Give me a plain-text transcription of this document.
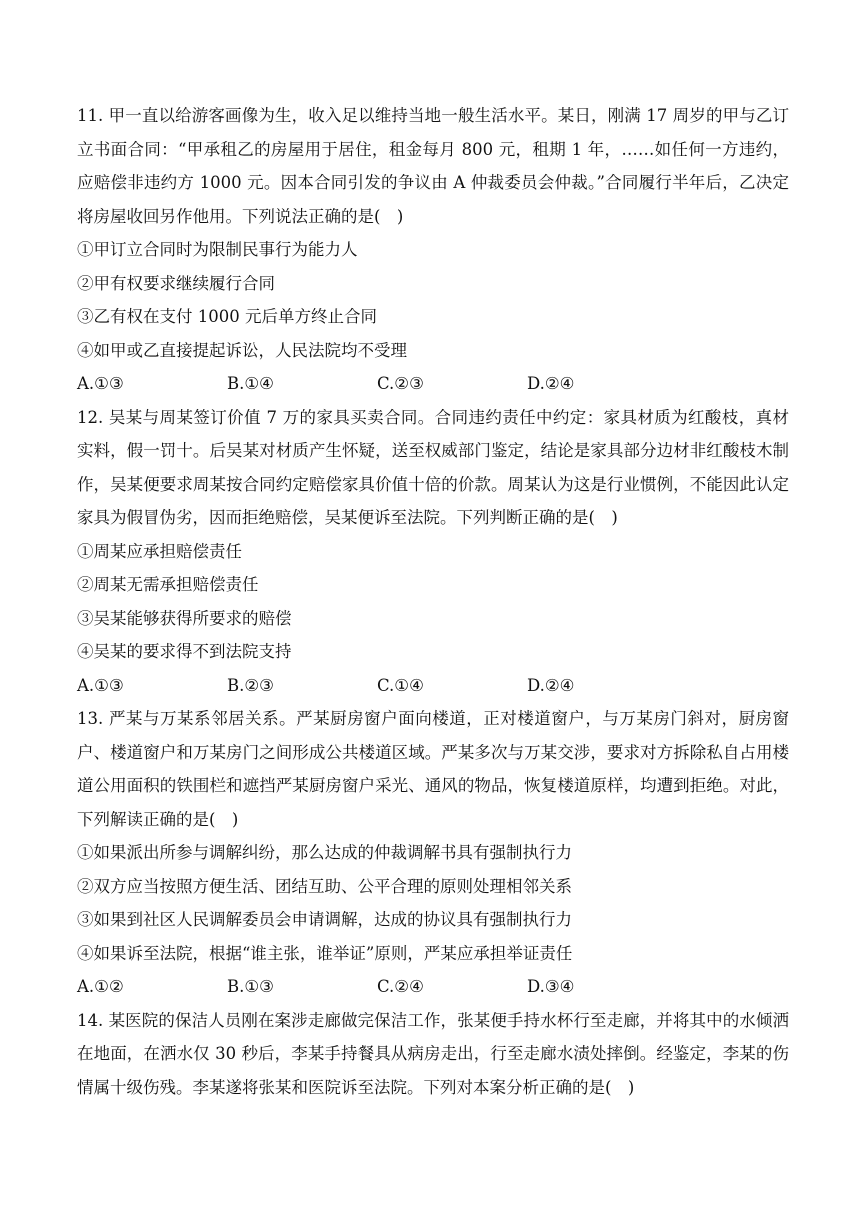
11. 甲一直以给游客画像为生，收入足以维持当地一般生活水平。某日，刚满 17 周岁的甲与乙订立书面合同：“甲承租乙的房屋用于居住，租金每月 800 元，租期 1 年，……如任何一方违约，应赔偿非违约方 1000 元。因本合同引发的争议由 A 仲裁委员会仲裁。”合同履行半年后，乙决定将房屋收回另作他用。下列说法正确的是(　)

①甲订立合同时为限制民事行为能力人

②甲有权要求继续履行合同

③乙有权在支付 1000 元后单方终止合同

④如甲或乙直接提起诉讼，人民法院均不受理

A.①③	B.①④	C.②③	D.②④

12. 吴某与周某签订价值 7 万的家具买卖合同。合同违约责任中约定：家具材质为红酸枝，真材实料，假一罚十。后吴某对材质产生怀疑，送至权威部门鉴定，结论是家具部分边材非红酸枝木制作，吴某便要求周某按合同约定赔偿家具价值十倍的价款。周某认为这是行业惯例，不能因此认定家具为假冒伪劣，因而拒绝赔偿，吴某便诉至法院。下列判断正确的是(　)

①周某应承担赔偿责任

②周某无需承担赔偿责任

③吴某能够获得所要求的赔偿

④吴某的要求得不到法院支持

A.①③	B.②③	C.①④	D.②④

13. 严某与万某系邻居关系。严某厨房窗户面向楼道，正对楼道窗户，与万某房门斜对，厨房窗户、楼道窗户和万某房门之间形成公共楼道区域。严某多次与万某交涉，要求对方拆除私自占用楼道公用面积的铁围栏和遮挡严某厨房窗户采光、通风的物品，恢复楼道原样，均遭到拒绝。对此，下列解读正确的是(　)

①如果派出所参与调解纠纷，那么达成的仲裁调解书具有强制执行力

②双方应当按照方便生活、团结互助、公平合理的原则处理相邻关系

③如果到社区人民调解委员会申请调解，达成的协议具有强制执行力

④如果诉至法院，根据“谁主张，谁举证”原则，严某应承担举证责任

A.①②	B.①③	C.②④	D.③④

14. 某医院的保洁人员刚在案涉走廊做完保洁工作，张某便手持水杯行至走廊，并将其中的水倾洒在地面，在洒水仅 30 秒后，李某手持餐具从病房走出，行至走廊水渍处摔倒。经鉴定，李某的伤情属十级伤残。李某遂将张某和医院诉至法院。下列对本案分析正确的是(　)
